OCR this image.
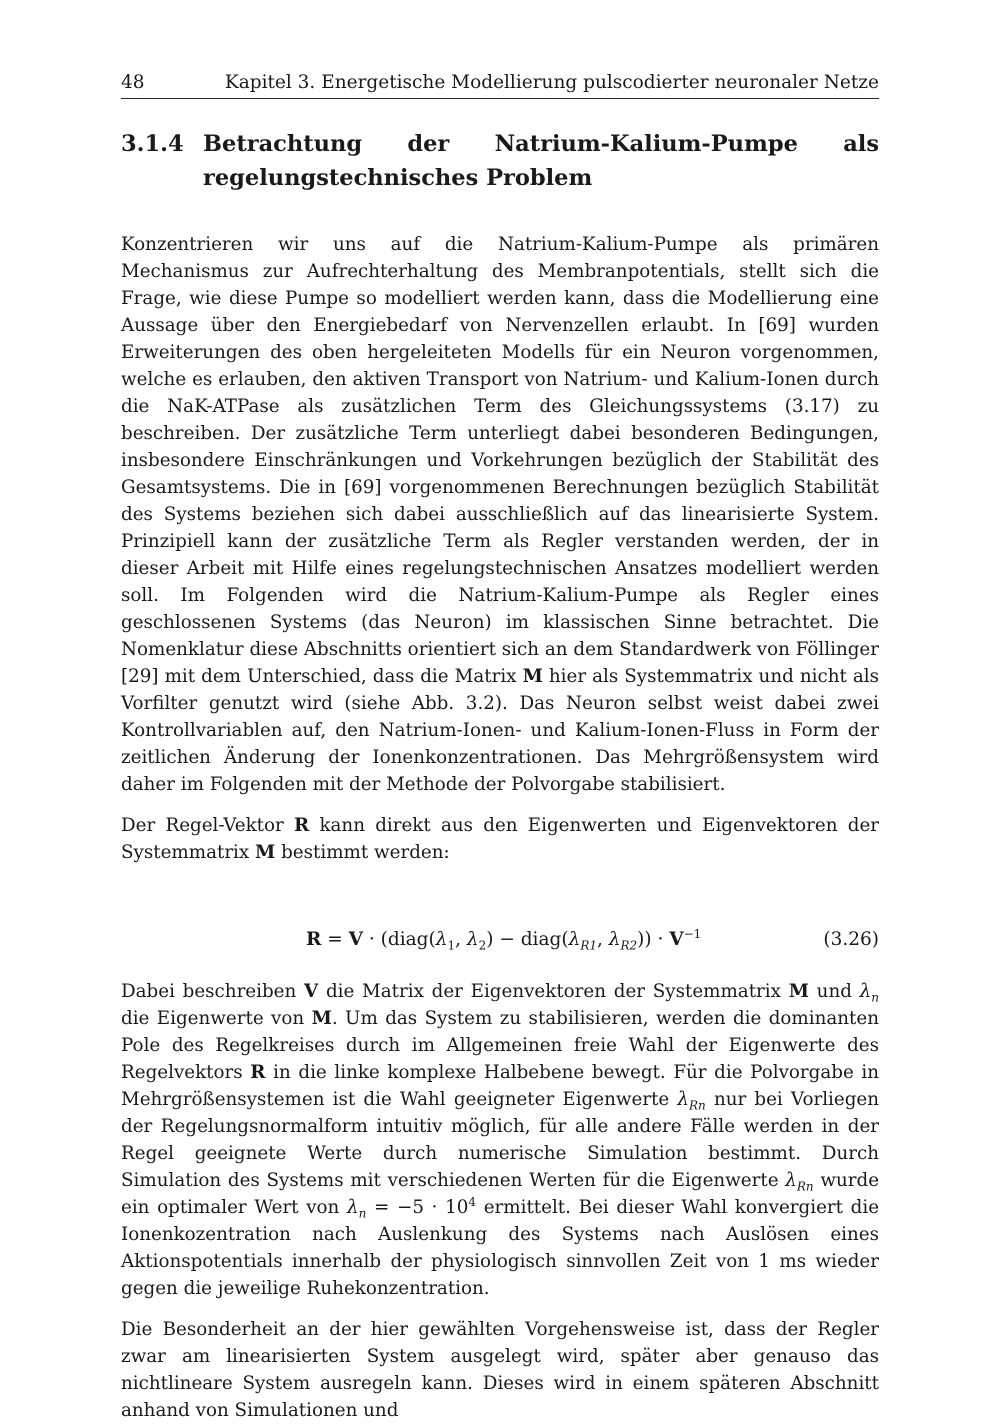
48	Kapitel 3. Energetische Modellierung pulscodierter neuronaler Netze
3.1.4 Betrachtung der Natrium-Kalium-Pumpe als regelungstechnisches Problem

Konzentrieren wir uns auf die Natrium-Kalium-Pumpe als primären Mechanismus zur Aufrechterhaltung des Membranpotentials, stellt sich die Frage, wie diese Pumpe so modelliert werden kann, dass die Modellierung eine Aussage über den Energiebedarf von Nervenzellen erlaubt. In [69] wurden Erweiterungen des oben hergeleiteten Modells für ein Neuron vorgenommen, welche es erlauben, den aktiven Transport von Natrium- und Kalium-Ionen durch die NaK-ATPase als zusätzlichen Term des Gleichungssystems (3.17) zu beschreiben. Der zusätzliche Term unterliegt dabei besonderen Bedingungen, insbesondere Einschränkungen und Vorkehrungen bezüglich der Stabilität des Gesamtsystems. Die in [69] vorgenommenen Berechnungen bezüglich Stabilität des Systems beziehen sich dabei ausschließlich auf das linearisierte System. Prinzipiell kann der zusätzliche Term als Regler verstanden werden, der in dieser Arbeit mit Hilfe eines regelungstechnischen Ansatzes modelliert werden soll. Im Folgenden wird die Natrium-Kalium-Pumpe als Regler eines geschlossenen Systems (das Neuron) im klassischen Sinne betrachtet. Die Nomenklatur diese Abschnitts orientiert sich an dem Standardwerk von Föllinger [29] mit dem Unterschied, dass die Matrix M hier als Systemmatrix und nicht als Vorfilter genutzt wird (siehe Abb. 3.2). Das Neuron selbst weist dabei zwei Kontrollvariablen auf, den Natrium-Ionen- und Kalium-Ionen-Fluss in Form der zeitlichen Änderung der Ionenkonzentrationen. Das Mehrgrößensystem wird daher im Folgenden mit der Methode der Polvorgabe stabilisiert.

Der Regel-Vektor R kann direkt aus den Eigenwerten und Eigenvektoren der Systemmatrix M bestimmt werden:

$R = V \cdot (diag(\lambda_1$, $\lambda_2$) − $diag(\lambda_{R1}$, $\lambda_{R2})) \cdot V^{-1}$	(3.26)

Dabei beschreiben V die Matrix der Eigenvektoren der Systemmatrix M und $\lambda_n$ die Eigenwerte von M. Um das System zu stabilisieren, werden die dominanten Pole des Regelkreises durch im Allgemeinen freie Wahl der Eigenwerte des Regelvektors R in die linke komplexe Halbebene bewegt. Für die Polvorgabe in Mehrgrößensystemen ist die Wahl geeigneter Eigenwerte $\lambda_{Rn}$ nur bei Vorliegen der Regelungsnormalform intuitiv möglich, für alle andere Fälle werden in der Regel geeignete Werte durch numerische Simulation bestimmt. Durch Simulation des Systems mit verschiedenen Werten für die Eigenwerte $\lambda_{Rn}$ wurde ein optimaler Wert von $\lambda_n = -5 \cdot 10^4$ ermittelt. Bei dieser Wahl konvergiert die Ionenkozentration nach Auslenkung des Systems nach Auslösen eines Aktionspotentials innerhalb der physiologisch sinnvollen Zeit von 1 ms wieder gegen die jeweilige Ruhekonzentration.

Die Besonderheit an der hier gewählten Vorgehensweise ist, dass der Regler zwar am linearisierten System ausgelegt wird, später aber genauso das nichtlineare System ausregeln kann. Dieses wird in einem späteren Abschnitt anhand von Simulationen und
